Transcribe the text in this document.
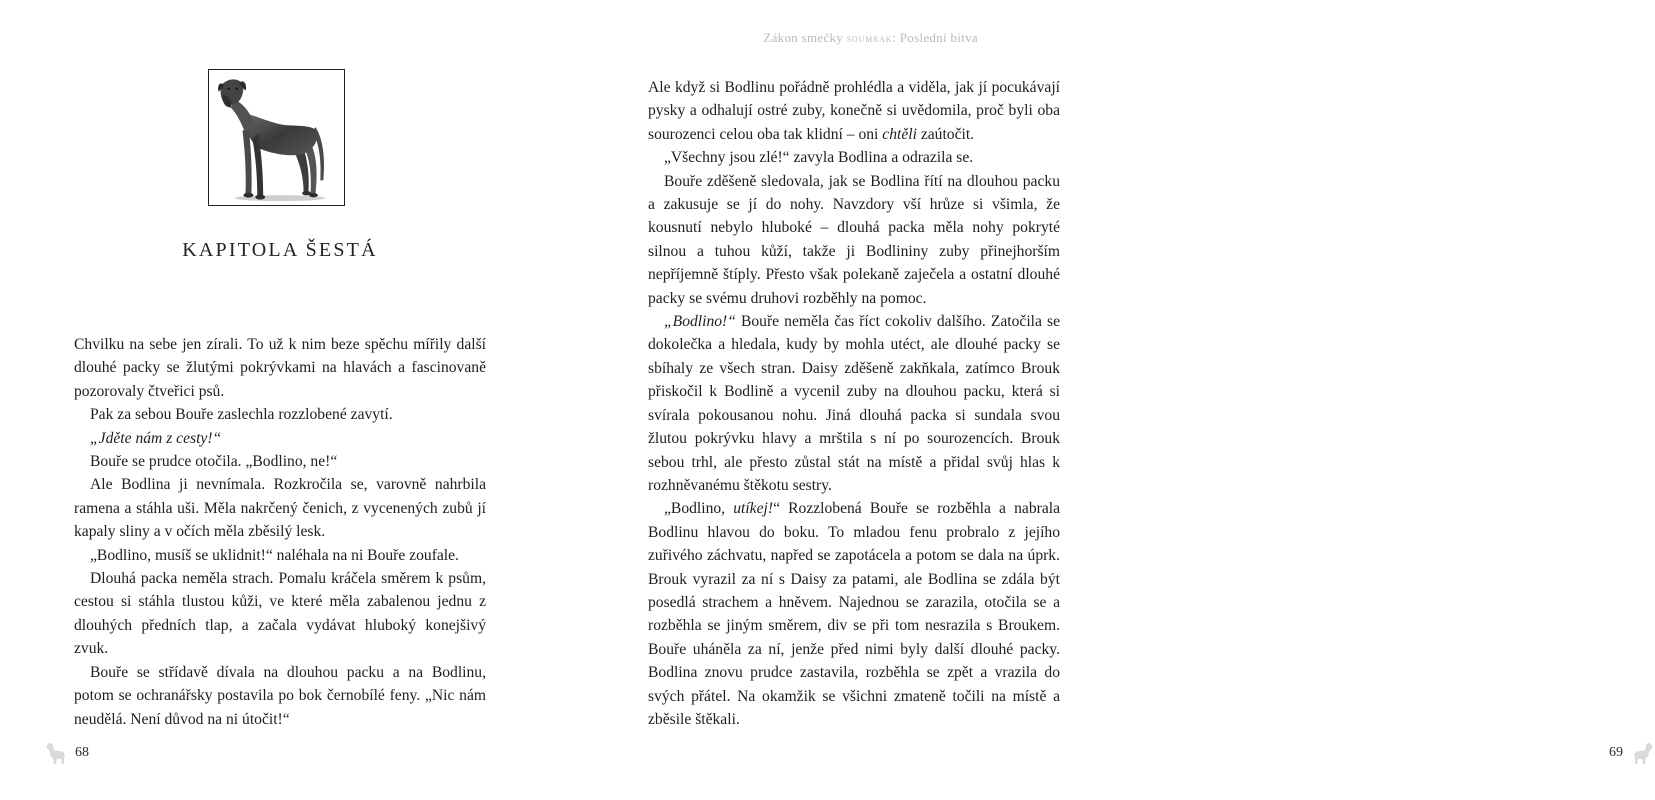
KAPITOLA ŠESTÁ

Chvilku na sebe jen zírali. To už k nim beze spěchu mířily další dlouhé packy se žlutými pokrývkami na hlavách a fascinovaně pozorovaly čtveřici psů.

Pak za sebou Bouře zaslechla rozzlobené zavytí.

„Jděte nám z cesty!“

Bouře se prudce otočila. „Bodlino, ne!“

Ale Bodlina ji nevnímala. Rozkročila se, varovně nahrbila ramena a stáhla uši. Měla nakrčený čenich, z vycenených zubů jí kapaly sliny a v očích měla zběsilý lesk.

„Bodlino, musíš se uklidnit!“ naléhala na ni Bouře zoufale.

Dlouhá packa neměla strach. Pomalu kráčela směrem k psům, cestou si stáhla tlustou kůži, ve které měla zabalenou jednu z dlouhých předních tlap, a začala vydávat hluboký konejšivý zvuk.

Bouře se střídavě dívala na dlouhou packu a na Bodlinu, potom se ochranářsky postavila po bok černobílé feny. „Nic nám neudělá. Není důvod na ni útočit!“

68
Zákon smečky soumrak: Poslední bitva
69

Ale když si Bodlinu pořádně prohlédla a viděla, jak jí pocukávají pysky a odhalují ostré zuby, konečně si uvědomila, proč byli oba sourozenci celou oba tak klidní – oni chtěli zaútočit.

„Všechny jsou zlé!“ zavyla Bodlina a odrazila se.

Bouře zděšeně sledovala, jak se Bodlina řítí na dlouhou packu a zakusuje se jí do nohy. Navzdory vší hrůze si všimla, že kousnutí nebylo hluboké – dlouhá packa měla nohy pokryté silnou a tuhou kůží, takže ji Bodlininy zuby přinejhorším nepříjemně štíply. Přesto však polekaně zaječela a ostatní dlouhé packy se svému druhovi rozběhly na pomoc.

„Bodlino!“ Bouře neměla čas říct cokoliv dalšího. Zatočila se dokolečka a hledala, kudy by mohla utéct, ale dlouhé packy se sbíhaly ze všech stran. Daisy zděšeně zakňkala, zatímco Brouk přiskočil k Bodlině a vycenil zuby na dlouhou packu, která si svírala pokousanou nohu. Jiná dlouhá packa si sundala svou žlutou pokrývku hlavy a mrštila s ní po sourozencích. Brouk sebou trhl, ale přesto zůstal stát na místě a přidal svůj hlas k rozhněvanému štěkotu sestry.

„Bodlino, utíkej!“ Rozzlobená Bouře se rozběhla a nabrala Bodlinu hlavou do boku. To mladou fenu probralo z jejího zuřivého záchvatu, napřed se zapotácela a potom se dala na úprk. Brouk vyrazil za ní s Daisy za patami, ale Bodlina se zdála být posedlá strachem a hněvem. Najednou se zarazila, otočila se a rozběhla se jiným směrem, div se při tom nesrazila s Broukem. Bouře uháněla za ní, jenže před nimi byly další dlouhé packy. Bodlina znovu prudce zastavila, rozběhla se zpět a vrazila do svých přátel. Na okamžik se všichni zmateně točili na místě a zběsile štěkali.
